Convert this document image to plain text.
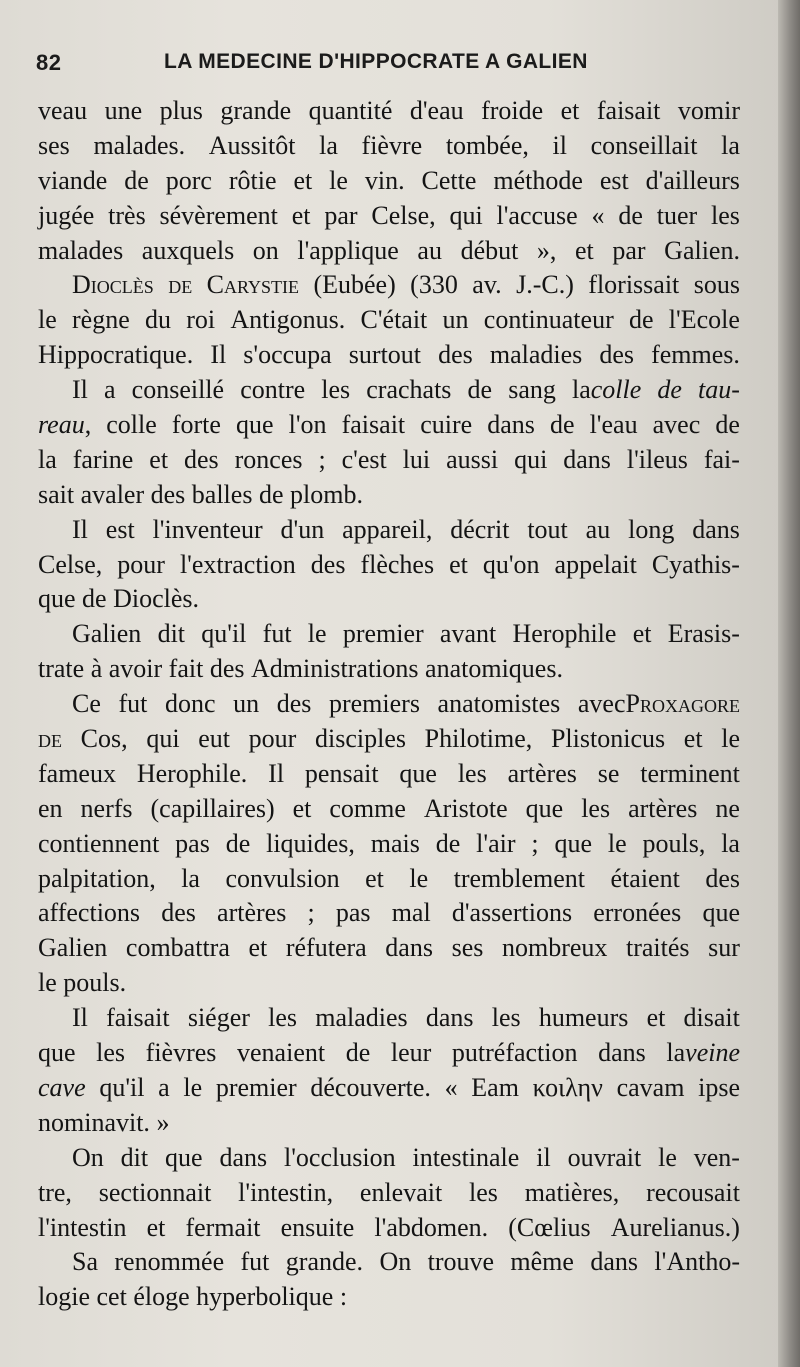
82	LA MEDECINE D'HIPPOCRATE A GALIEN
veau une plus grande quantité d'eau froide et faisait vomir
ses malades. Aussitôt la fièvre tombée, il conseillait la
viande de porc rôtie et le vin. Cette méthode est d'ailleurs
jugée très sévèrement et par Celse, qui l'accuse « de tuer les
malades auxquels on l'applique au début », et par Galien.
Dioclès de Carystie (Eubée) (330 av. J.-C.) florissait sous
le règne du roi Antigonus. C'était un continuateur de l'Ecole
Hippocratique. Il s'occupa surtout des maladies des femmes.
Il a conseillé contre les crachats de sang lacolle de tau-
reau, colle forte que l'on faisait cuire dans de l'eau avec de
la farine et des ronces ; c'est lui aussi qui dans l'ileus fai-
sait
avaler
des
balles
de
plomb.
Il est l'inventeur d'un appareil, décrit tout au long dans
Celse, pour l'extraction des flèches et qu'on appelait Cyathis-
que
de
Dioclès.
Galien dit qu'il fut le premier avant Herophile et Erasis-
trate
à
avoir
fait
des
Administrations
anatomiques.
Ce fut donc un des premiers anatomistes avecProxagore
de Cos, qui eut pour disciples Philotime, Plistonicus et le
fameux Herophile. Il pensait que les artères se terminent
en nerfs (capillaires) et comme Aristote que les artères ne
contiennent pas de liquides, mais de l'air ; que le pouls, la
palpitation, la convulsion et le tremblement étaient des
affections des artères ; pas mal d'assertions erronées que
Galien combattra et réfutera dans ses nombreux traités sur
le
pouls.
Il faisait siéger les maladies dans les humeurs et disait
que les fièvres venaient de leur putréfaction dans laveine
cave qu'il a le premier découverte. « Eam κοιλην cavam ipse
nominavit.
»
On dit que dans l'occlusion intestinale il ouvrait le ven-
tre, sectionnait l'intestin, enlevait les matières, recousait
l'intestin et fermait ensuite l'abdomen. (Cœlius Aurelianus.)
Sa renommée fut grande. On trouve même dans l'Antho-
logie
cet
éloge
hyperbolique
:
